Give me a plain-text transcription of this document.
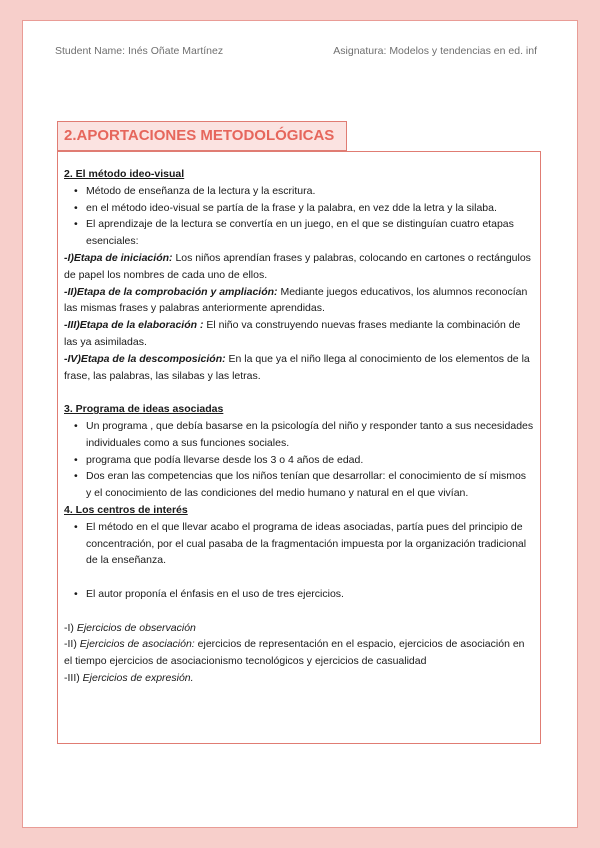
Student Name: Inés Oñate Martínez	Asignatura: Modelos y tendencias en ed. inf
2.APORTACIONES METODOLÓGICAS
2. El método ideo-visual
• Método de enseñanza de la lectura y la escritura.
• en el método ideo-visual se partía de la frase y la palabra, en vez dde la letra y la silaba.
• El aprendizaje de la lectura se convertía en un juego, en el que se distinguían cuatro etapas esenciales:
-I)Etapa de iniciación: Los niños aprendían frases y palabras, colocando en cartones o rectángulos de papel los nombres de cada uno de ellos.
-II)Etapa de la comprobación y ampliación: Mediante juegos educativos, los alumnos reconocían las mismas frases y palabras anteriormente aprendidas.
-III)Etapa de la elaboración : El niño va construyendo nuevas frases mediante la combinación de las ya asimiladas.
-IV)Etapa de la descomposición: En la que ya el niño llega al conocimiento de los elementos de la frase, las palabras, las silabas y las letras.
3. Programa de ideas asociadas
• Un programa , que debía basarse en la psicología del niño y responder tanto a sus necesidades individuales como a sus funciones sociales.
• programa que podía llevarse desde los 3 o 4 años de edad.
• Dos eran las competencias que los niños tenían que desarrollar: el conocimiento de sí mismos y el conocimiento de las condiciones del medio humano y natural en el que vivían.
4. Los centros de interés
• El método en el que llevar acabo el programa de ideas asociadas, partía pues del principio de concentración, por el cual pasaba de la fragmentación impuesta por la organización tradicional de la enseñanza.
• El autor proponía el énfasis en el uso de tres ejercicios.
-I) Ejercicios de observación
-II) Ejercicios de asociación: ejercicios de representación en el espacio, ejercicios de asociación en el tiempo ejercicios de asociacionismo tecnológicos y ejercicios de casualidad
-III) Ejercicios de expresión.
